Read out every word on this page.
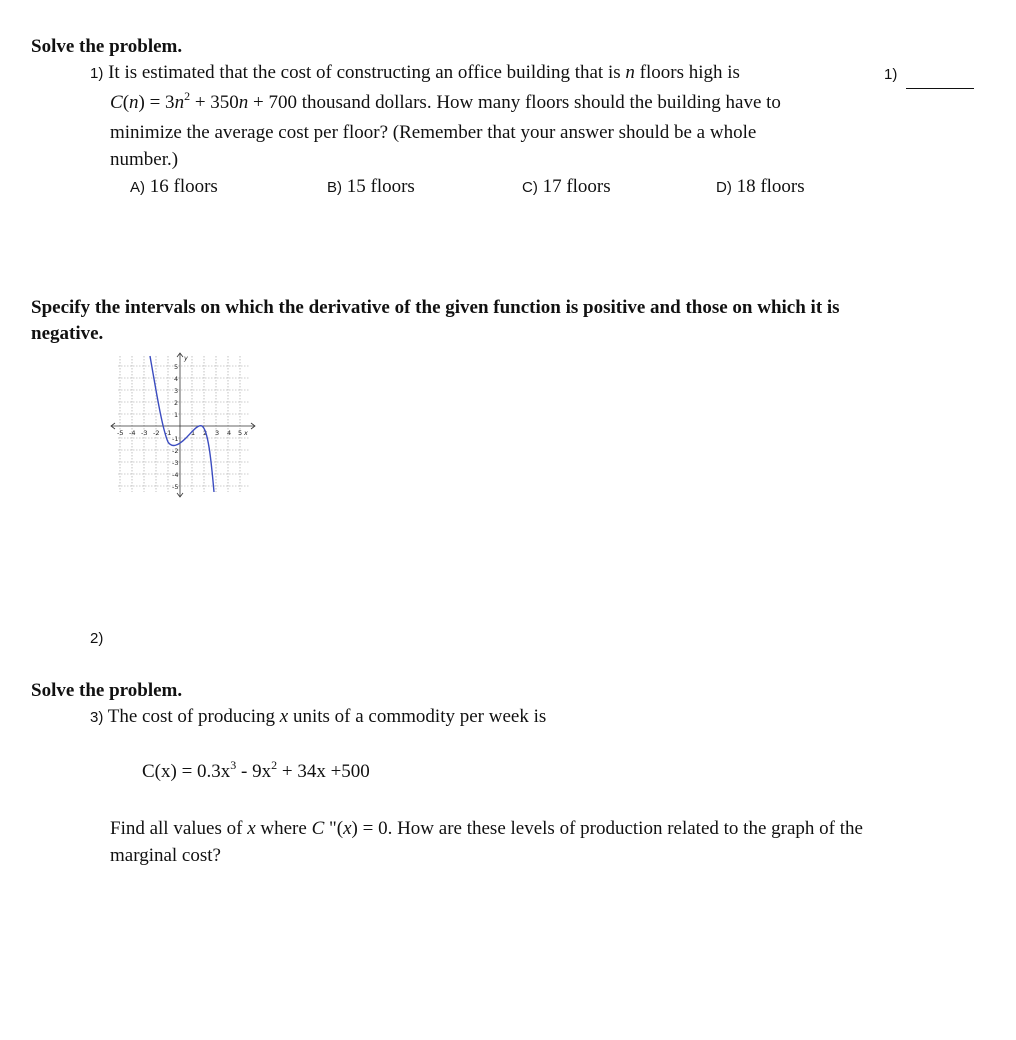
Solve the problem.
1) It is estimated that the cost of constructing an office building that is n floors high is	1)
$C(n) = 3n^2 + 350n + 700$ thousand dollars. How many floors should the building have to
minimize the average cost per floor? (Remember that your answer should be a whole
number.)
A) 16 floors	B) 15 floors	C) 17 floors	D) 18 floors
Specify the intervals on which the derivative of the given function is positive and those on which it is
negative.
-5 -4 -3 -2 -1	1 2 3 4 5 x
5
4
3
2
1
-1
-2
-3
-4
-5
y
2)
Solve the problem.
3) The cost of producing x units of a commodity per week is
$C(x) = 0.3x^3 - 9x^2 + 34x +500$
Find all values of x where C "(x) = 0. How are these levels of production related to the graph of the
marginal cost?
